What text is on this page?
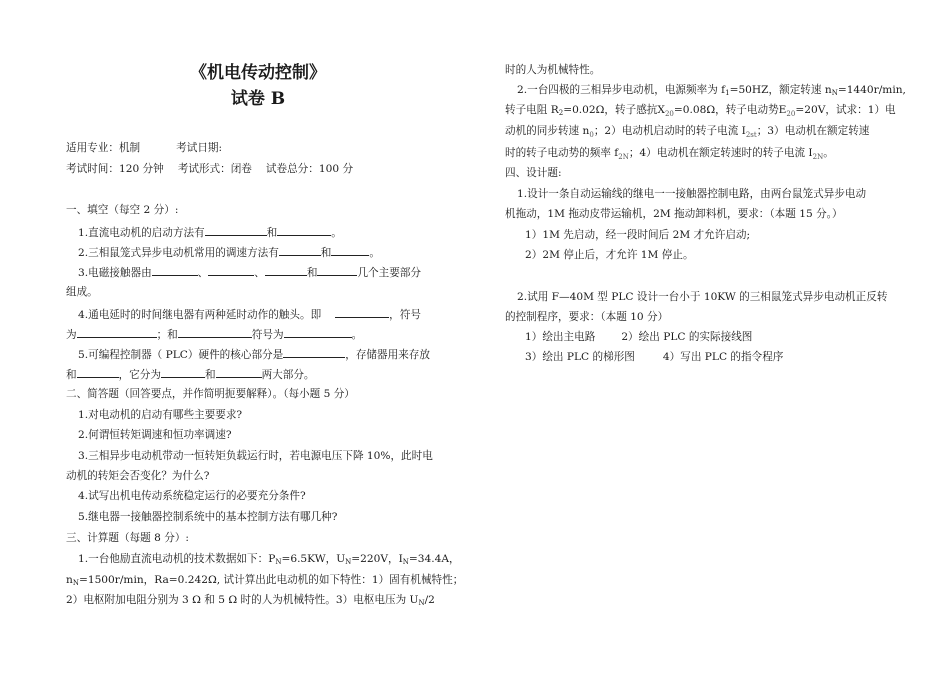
《机电传动控制》
试卷 B
适用专业：机制	考试日期:
考试时间：120 分钟 考试形式：闭卷 试卷总分：100 分
一、填空（每空 2 分）:
1.直流电动机的启动方法有	和	。
2.三相鼠笼式异步电动机常用的调速方法有	和	。
3.电磁接触器由	、	、	和	几个主要部分
组成。
4.通电延时的时间继电器有两种延时动作的触头。即	，符号
为	；和	符号为	。
5.可编程控制器（ PLC）硬件的核心部分是	，存储器用来存放
和	，它分为	和	两大部分。
二、简答题（回答要点，并作简明扼要解释）。（每小题 5 分）
1.对电动机的启动有哪些主要要求?
2.何谓恒转矩调速和恒功率调速?
3.三相异步电动机带动一恒转矩负载运行时，若电源电压下降 10%，此时电
动机的转矩会否变化？为什么?
4.试写出机电传动系统稳定运行的必要充分条件?
5.继电器一接触器控制系统中的基本控制方法有哪几种?
三、计算题（每题 8 分）:
1.一台他励直流电动机的技术数据如下：$P_N=6.5KW$，$U_N=220V$，$I_N=34.4A$，
$n_N=1500r/\min$，Ra=0.242Ω, 试计算出此电动机的如下特性：1）固有机械特性；
2）电枢附加电阻分别为 3 Ω 和 5 Ω 时的人为机械特性。3）电枢电压为 $U_N/2$
时的人为机械特性。
2.一台四极的三相异步电动机，电源频率为 $f_1=50HZ$，额定转速 $n_N=1440r/\min$,
转子电阻 $R_2=0.02\Omega$，转子感抗$X_{20}=0.08\Omega$，转子电动势$E_{20}=20V$，试求：1）电
动机的同步转速 $n_0$；2）电动机启动时的转子电流 $I_{2st}$；3）电动机在额定转速
时的转子电动势的频率 $f_{2N}$；4）电动机在额定转速时的转子电流 $I_{2N}$。
四、设计题:
1.设计一条自动运输线的继电一一接触器控制电路，由两台鼠笼式异步电动
机拖动，1M 拖动皮带运输机，2M 拖动卸料机，要求：（本题 15 分。）
1）1M 先启动，经一段时间后 2M 才允许启动;
2）2M 停止后，才允许 1M 停止。
2.试用 F—40M 型 PLC 设计一台小于 10KW 的三相鼠笼式异步电动机正反转
的控制程序，要求：（本题 10 分）
1）绘出主电路 2）绘出 PLC 的实际接线图
3）绘出 PLC 的梯形图	4）写出 PLC 的指令程序
